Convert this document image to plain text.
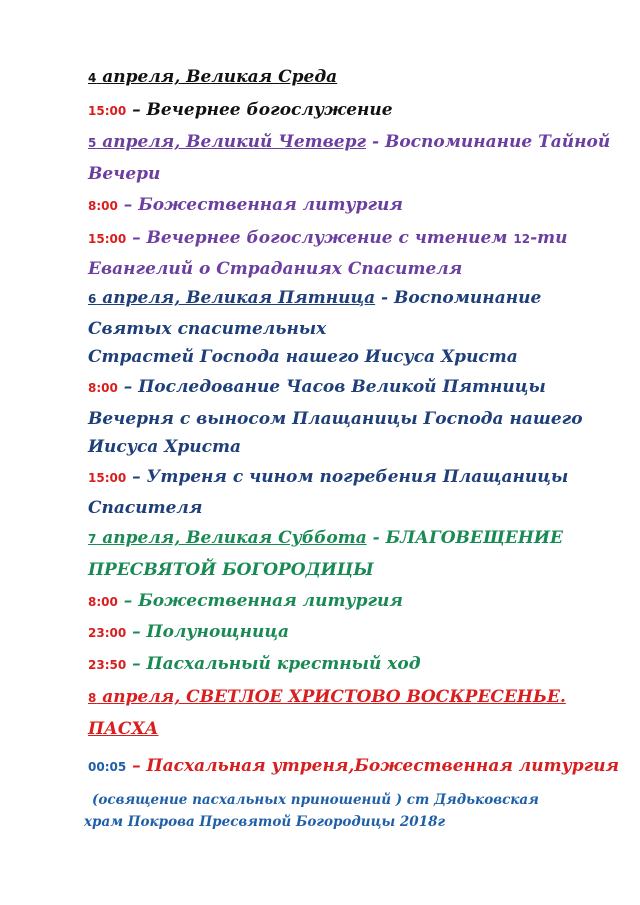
4 апреля, Великая Среда
15:00 – Вечернее богослужение
5 апреля, Великий Четверг - Воспоминание Тайной
Вечери
8:00 – Божественная литургия
15:00 – Вечернее богослужение с чтением 12-ти
Евангелий о Страданиях Спасителя
6 апреля, Великая Пятница - Воспоминание
Святых спасительных
Страстей Господа нашего Иисуса Христа
8:00 – Последование Часов Великой Пятницы
Вечерня с выносом Плащаницы Господа нашего
Иисуса Христа
15:00 – Утреня с чином погребения Плащаницы
Спасителя
7 апреля, Великая Суббота - БЛАГОВЕЩЕНИЕ
ПРЕСВЯТОЙ БОГОРОДИЦЫ
8:00 – Божественная литургия
23:00 – Полунощница
23:50 – Пасхальный крестный ход
8 апреля, СВЕТЛОЕ ХРИСТОВО ВОСКРЕСЕНЬЕ.
ПАСХА
00:05 – Пасхальная утреня,Божественная литургия
(освящение пасхальных приношений ) ст Дядьковская
храм Покрова Пресвятой Богородицы 2018г
